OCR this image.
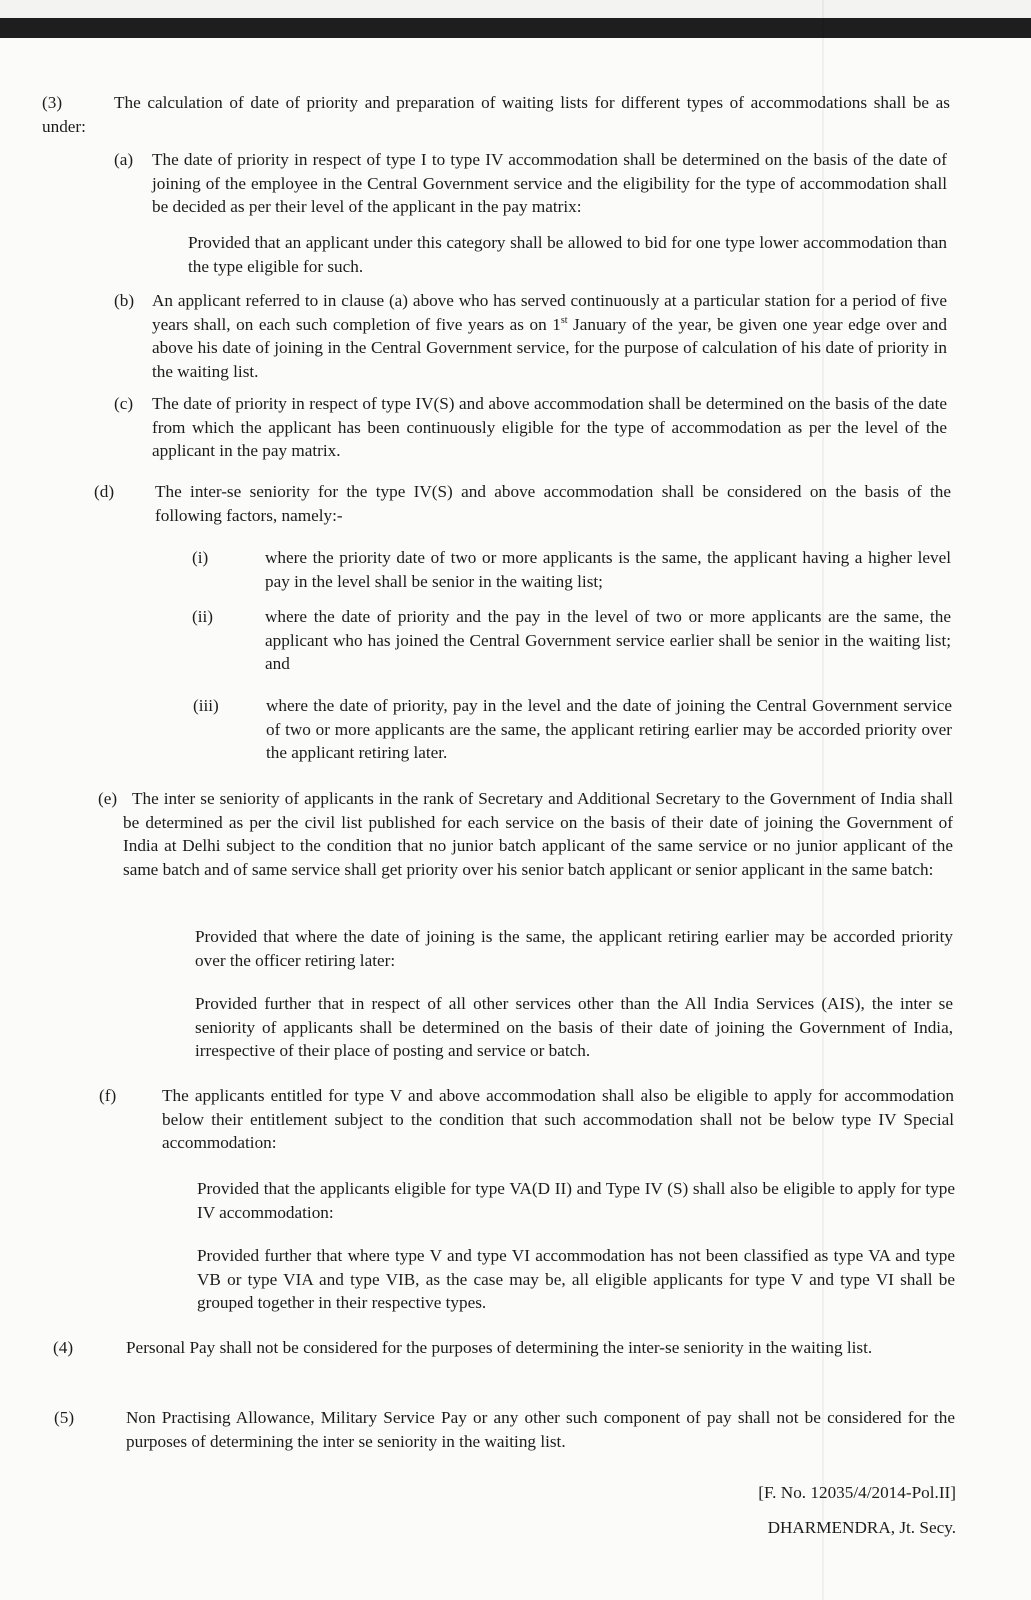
(3)	The calculation of date of priority and preparation of waiting lists for different types of accommodations shall be as under:

(a) The date of priority in respect of type I to type IV accommodation shall be determined on the basis of the date of joining of the employee in the Central Government service and the eligibility for the type of accommodation shall be decided as per their level of the applicant in the pay matrix:

Provided that an applicant under this category shall be allowed to bid for one type lower accommodation than the type eligible for such.

(b) An applicant referred to in clause (a) above who has served continuously at a particular station for a period of five years shall, on each such completion of five years as on 1st January of the year, be given one year edge over and above his date of joining in the Central Government service, for the purpose of calculation of his date of priority in the waiting list.

(c) The date of priority in respect of type IV(S) and above accommodation shall be determined on the basis of the date from which the applicant has been continuously eligible for the type of accommodation as per the level of the applicant in the pay matrix.

(d) The inter-se seniority for the type IV(S) and above accommodation shall be considered on the basis of the following factors, namely:-

(i)	where the priority date of two or more applicants is the same, the applicant having a higher level pay in the level shall be senior in the waiting list;

(ii)	where the date of priority and the pay in the level of two or more applicants are the same, the applicant who has joined the Central Government service earlier shall be senior in the waiting list; and

(iii)	where the date of priority, pay in the level and the date of joining the Central Government service of two or more applicants are the same, the applicant retiring earlier may be accorded priority over the applicant retiring later.

(e) The inter se seniority of applicants in the rank of Secretary and Additional Secretary to the Government of India shall be determined as per the civil list published for each service on the basis of their date of joining the Government of India at Delhi subject to the condition that no junior batch applicant of the same service or no junior applicant of the same batch and of same service shall get priority over his senior batch applicant or senior applicant in the same batch:

Provided that where the date of joining is the same, the applicant retiring earlier may be accorded priority over the officer retiring later:

Provided further that in respect of all other services other than the All India Services (AIS), the inter se seniority of applicants shall be determined on the basis of their date of joining the Government of India, irrespective of their place of posting and service or batch.

(f)	The applicants entitled for type V and above accommodation shall also be eligible to apply for accommodation below their entitlement subject to the condition that such accommodation shall not be below type IV Special accommodation:

Provided that the applicants eligible for type VA(D II) and Type IV (S) shall also be eligible to apply for type IV accommodation:

Provided further that where type V and type VI accommodation has not been classified as type VA and type VB or type VIA and type VIB, as the case may be, all eligible applicants for type V and type VI shall be grouped together in their respective types.

(4)	Personal Pay shall not be considered for the purposes of determining the inter-se seniority in the waiting list.

(5)	Non Practising Allowance, Military Service Pay or any other such component of pay shall not be considered for the purposes of determining the inter se seniority in the waiting list.

[F. No. 12035/4/2014-Pol.II]
DHARMENDRA, Jt. Secy.
